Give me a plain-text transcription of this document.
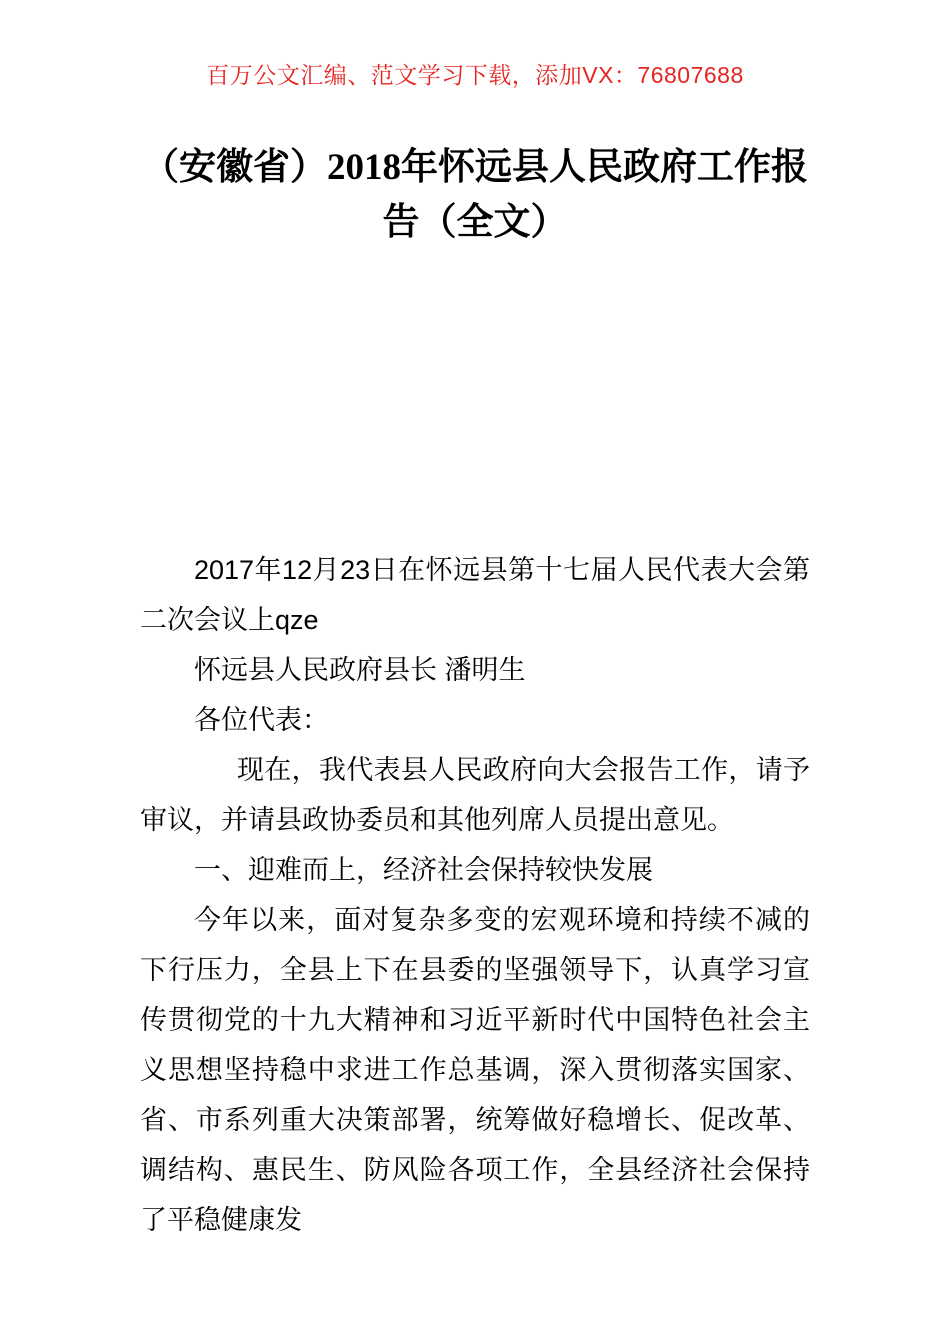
百万公文汇编、范文学习下载，添加VX：76807688
（安徽省）2018年怀远县人民政府工作报
告（全文）

2017年12月23日在怀远县第十七届人民代表大会第二次会议上qze

怀远县人民政府县长 潘明生

各位代表：

现在，我代表县人民政府向大会报告工作，请予审议，并请县政协委员和其他列席人员提出意见。

一、迎难而上，经济社会保持较快发展

今年以来，面对复杂多变的宏观环境和持续不减的下行压力，全县上下在县委的坚强领导下，认真学习宣传贯彻党的十九大精神和习近平新时代中国特色社会主义思想坚持稳中求进工作总基调，深入贯彻落实国家、省、市系列重大决策部署，统筹做好稳增长、促改革、调结构、惠民生、防风险各项工作，全县经济社会保持了平稳健康发
